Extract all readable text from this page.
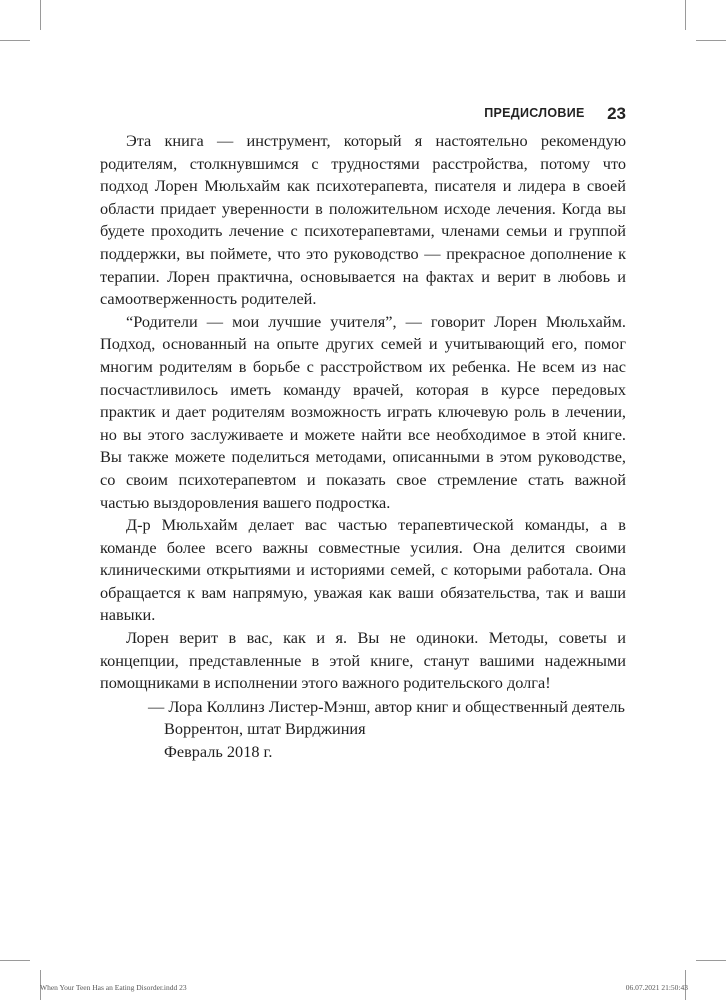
ПРЕДИСЛОВИЕ 23

Эта книга — инструмент, который я настоятельно рекомендую родителям, столкнувшимся с трудностями расстройства, потому что подход Лорен Мюльхайм как психотерапевта, писателя и лидера в своей области придает уверенности в положительном исходе лечения. Когда вы будете проходить лечение с психотерапевтами, членами семьи и группой поддержки, вы поймете, что это руководство — прекрасное дополнение к терапии. Лорен практична, основывается на фактах и верит в любовь и самоотверженность родителей.

“Родители — мои лучшие учителя”, — говорит Лорен Мюльхайм. Подход, основанный на опыте других семей и учитывающий его, помог многим родителям в борьбе с расстройством их ребенка. Не всем из нас посчастливилось иметь команду врачей, которая в курсе передовых практик и дает родителям возможность играть ключевую роль в лечении, но вы этого заслуживаете и можете найти все необходимое в этой книге. Вы также можете поделиться методами, описанными в этом руководстве, со своим психотерапевтом и показать свое стремление стать важной частью выздоровления вашего подростка.

Д-р Мюльхайм делает вас частью терапевтической команды, а в команде более всего важны совместные усилия. Она делится своими клиническими открытиями и историями семей, с которыми работала. Она обращается к вам напрямую, уважая как ваши обязательства, так и ваши навыки.

Лорен верит в вас, как и я. Вы не одиноки. Методы, советы и концепции, представленные в этой книге, станут вашими надежными помощниками в исполнении этого важного родительского долга!

— Лора Коллинз Листер-Мэнш, автор книг и общественный деятель
Воррентон, штат Вирджиния
Февраль 2018 г.
When Your Teen Has an Eating Disorder.indd 23	06.07.2021 21:50:43
